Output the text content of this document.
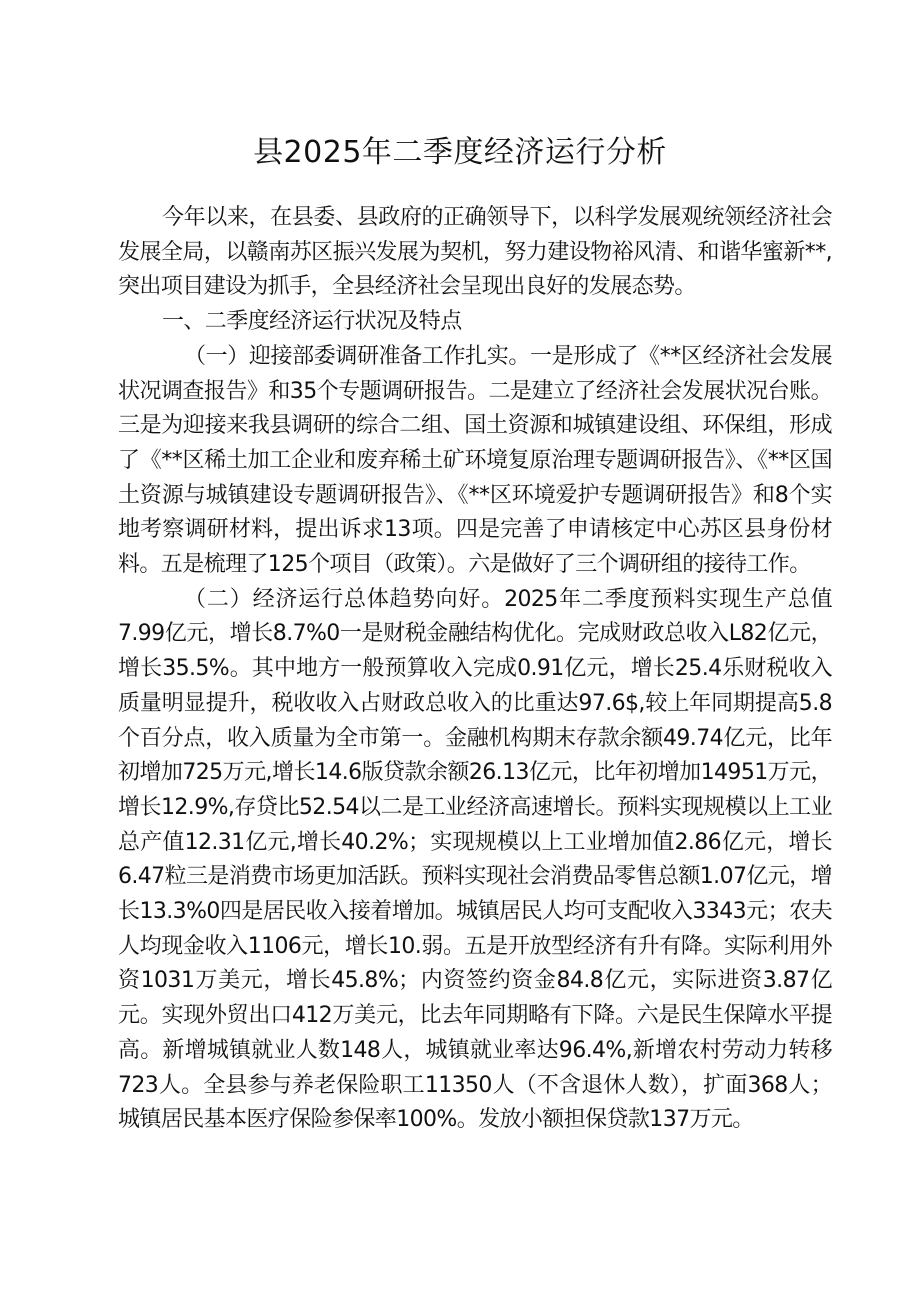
县2025年二季度经济运行分析

今年以来，在县委、县政府的正确领导下，以科学发展观统领经济社会发展全局，以赣南苏区振兴发展为契机，努力建设物裕风清、和谐华蜜新**,突出项目建设为抓手，全县经济社会呈现出良好的发展态势。

一、二季度经济运行状况及特点

（一）迎接部委调研准备工作扎实。一是形成了《**区经济社会发展状况调查报告》和35个专题调研报告。二是建立了经济社会发展状况台账。三是为迎接来我县调研的综合二组、国土资源和城镇建设组、环保组，形成了《**区稀土加工企业和废弃稀土矿环境复原治理专题调研报告》、《**区国土资源与城镇建设专题调研报告》、《**区环境爱护专题调研报告》和8个实地考察调研材料，提出诉求13项。四是完善了申请核定中心苏区县身份材料。五是梳理了125个项目（政策）。六是做好了三个调研组的接待工作。

（二）经济运行总体趋势向好。2025年二季度预料实现生产总值7.99亿元，增长8.7%0一是财税金融结构优化。完成财政总收入L82亿元，增长35.5%。其中地方一般预算收入完成0.91亿元，增长25.4乐财税收入质量明显提升，税收收入占财政总收入的比重达97.6$,较上年同期提高5.8个百分点，收入质量为全市第一。金融机构期末存款余额49.74亿元，比年初增加725万元,增长14.6版贷款余额26.13亿元，比年初增加14951万元，增长12.9%,存贷比52.54以二是工业经济高速增长。预料实现规模以上工业总产值12.31亿元,增长40.2%；实现规模以上工业增加值2.86亿元，增长6.47粒三是消费市场更加活跃。预料实现社会消费品零售总额1.07亿元，增长13.3%0四是居民收入接着增加。城镇居民人均可支配收入3343元；农夫人均现金收入1106元，增长10.弱。五是开放型经济有升有降。实际利用外资1031万美元，增长45.8%；内资签约资金84.8亿元，实际进资3.87亿元。实现外贸出口412万美元，比去年同期略有下降。六是民生保障水平提高。新增城镇就业人数148人，城镇就业率达96.4%,新增农村劳动力转移723人。全县参与养老保险职工11350人（不含退休人数），扩面368人；城镇居民基本医疗保险参保率100%。发放小额担保贷款137万元。
